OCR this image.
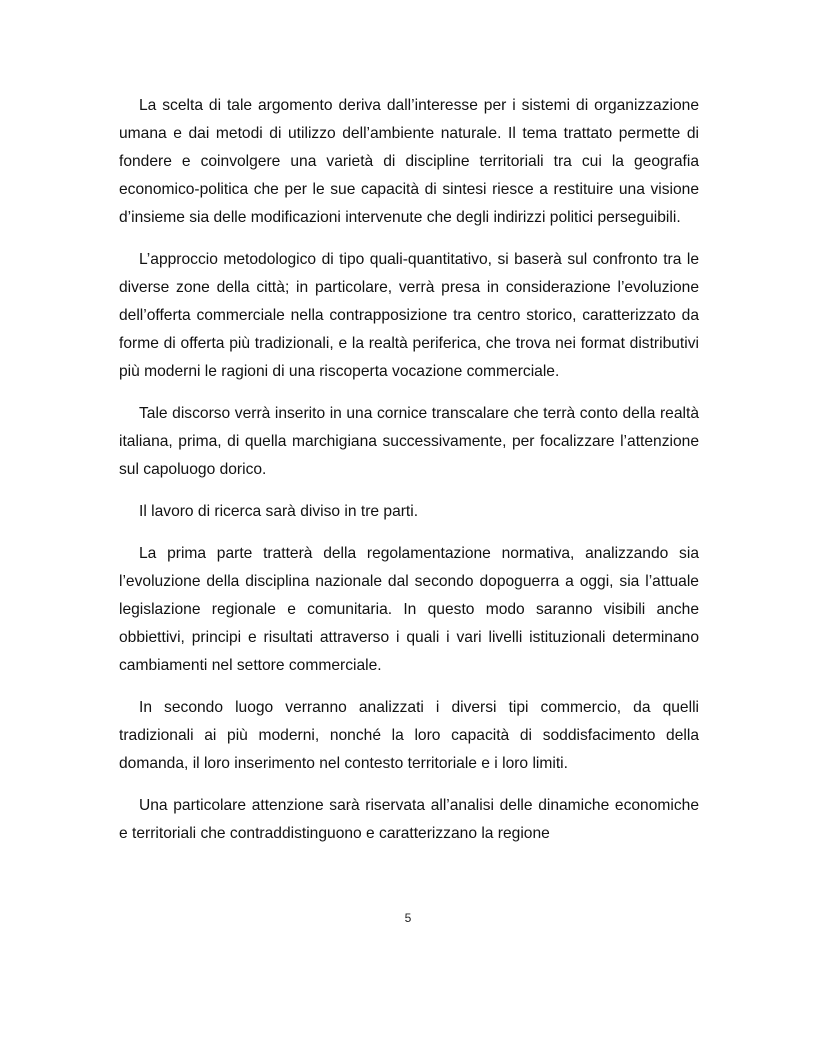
La scelta di tale argomento deriva dall’interesse per i sistemi di organizzazione umana e dai metodi di utilizzo dell’ambiente naturale. Il tema trattato permette di fondere e coinvolgere una varietà di discipline territoriali tra cui la geografia economico-politica che per le sue capacità di sintesi riesce a restituire una visione d’insieme sia delle modificazioni intervenute che degli indirizzi politici perseguibili.

L’approccio metodologico di tipo quali-quantitativo, si baserà sul confronto tra le diverse zone della città; in particolare, verrà presa in considerazione l’evoluzione dell’offerta commerciale nella contrapposizione tra centro storico, caratterizzato da forme di offerta più tradizionali, e la realtà periferica, che trova nei format distributivi più moderni le ragioni di una riscoperta vocazione commerciale.

Tale discorso verrà inserito in una cornice transcalare che terrà conto della realtà italiana, prima, di quella marchigiana successivamente, per focalizzare l’attenzione sul capoluogo dorico.

Il lavoro di ricerca sarà diviso in tre parti.

La prima parte tratterà della regolamentazione normativa, analizzando sia l’evoluzione della disciplina nazionale dal secondo dopoguerra a oggi, sia l’attuale legislazione regionale e comunitaria. In questo modo saranno visibili anche obbiettivi, principi e risultati attraverso i quali i vari livelli istituzionali determinano cambiamenti nel settore commerciale.

In secondo luogo verranno analizzati i diversi tipi commercio, da quelli tradizionali ai più moderni, nonché la loro capacità di soddisfacimento della domanda, il loro inserimento nel contesto territoriale e i loro limiti.

Una particolare attenzione sarà riservata all’analisi delle dinamiche economiche e territoriali che contraddistinguono e caratterizzano la regione

5
